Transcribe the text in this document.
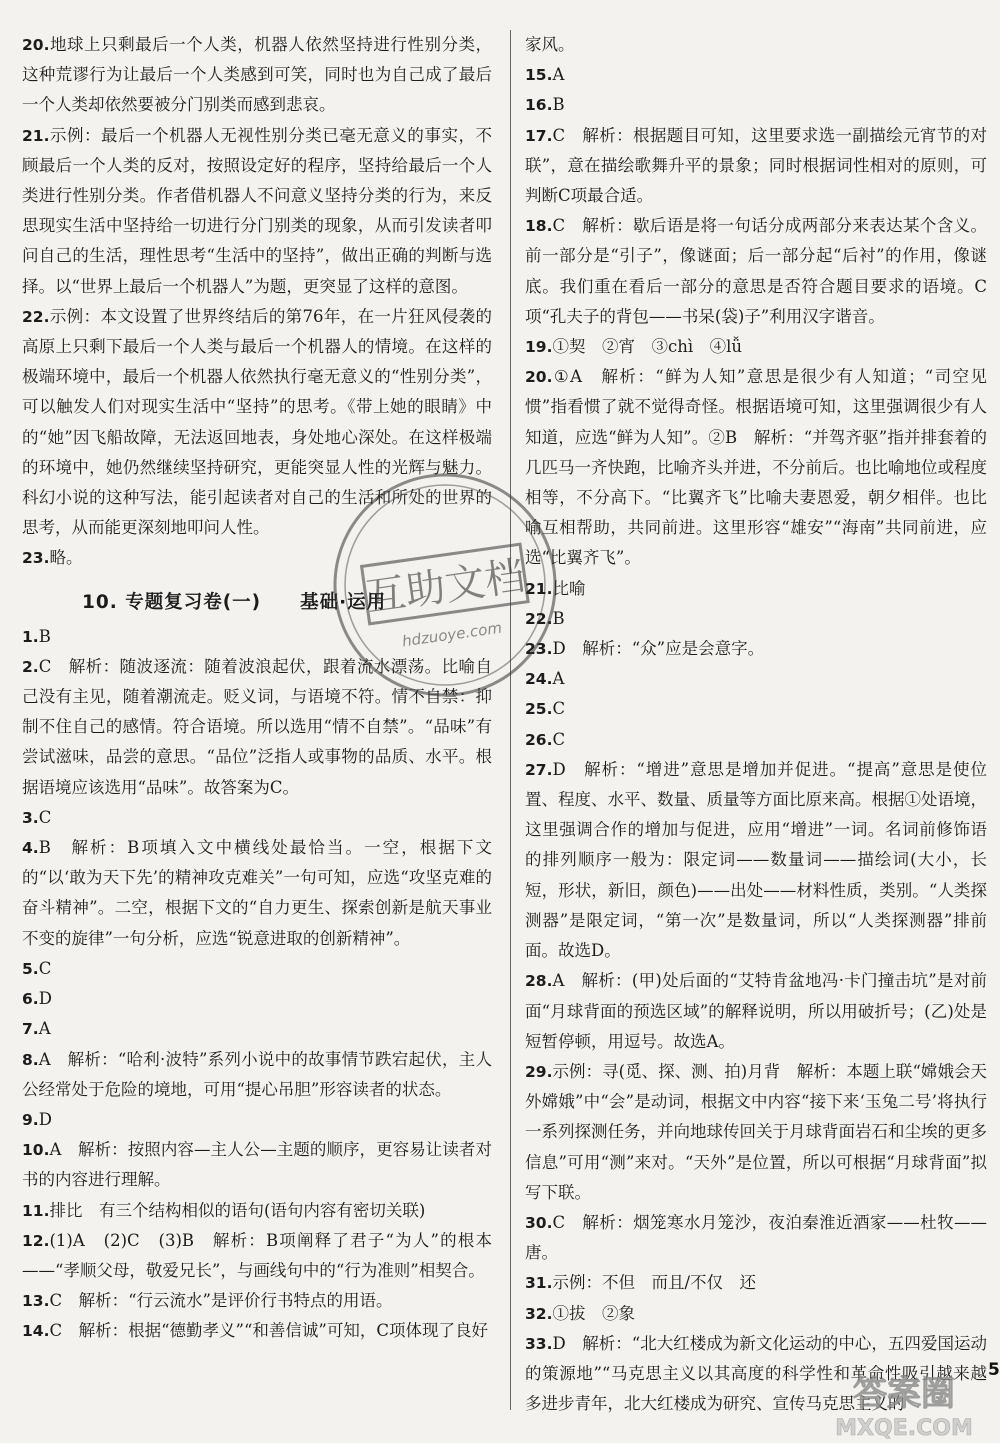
20.地球上只剩最后一个人类，机器人依然坚持进行性别分类，这种荒谬行为让最后一个人类感到可笑，同时也为自己成了最后一个人类却依然要被分门别类而感到悲哀。

21.示例：最后一个机器人无视性别分类已毫无意义的事实，不顾最后一个人类的反对，按照设定好的程序，坚持给最后一个人类进行性别分类。作者借机器人不问意义坚持分类的行为，来反思现实生活中坚持给一切进行分门别类的现象，从而引发读者叩问自己的生活，理性思考“生活中的坚持”，做出正确的判断与选择。以“世界上最后一个机器人”为题，更突显了这样的意图。

22.示例：本文设置了世界终结后的第76年，在一片狂风侵袭的高原上只剩下最后一个人类与最后一个机器人的情境。在这样的极端环境中，最后一个机器人依然执行毫无意义的“性别分类”，可以触发人们对现实生活中“坚持”的思考。《带上她的眼睛》中的“她”因飞船故障，无法返回地表，身处地心深处。在这样极端的环境中，她仍然继续坚持研究，更能突显人性的光辉与魅力。科幻小说的这种写法，能引起读者对自己的生活和所处的世界的思考，从而能更深刻地叩问人性。

23.略。

10. 专题复习卷(一)　　基础·运用

1.B

2.C　解析：随波逐流：随着波浪起伏，跟着流水漂荡。比喻自己没有主见，随着潮流走。贬义词，与语境不符。情不自禁：抑制不住自己的感情。符合语境。所以选用“情不自禁”。“品味”有尝试滋味，品尝的意思。“品位”泛指人或事物的品质、水平。根据语境应该选用“品味”。故答案为C。

3.C

4.B　解析：B项填入文中横线处最恰当。一空，根据下文的“以‘敢为天下先’的精神攻克难关”一句可知，应选“攻坚克难的奋斗精神”。二空，根据下文的“自力更生、探索创新是航天事业不变的旋律”一句分析，应选“锐意进取的创新精神”。

5.C

6.D

7.A

8.A　解析：“哈利·波特”系列小说中的故事情节跌宕起伏，主人公经常处于危险的境地，可用“提心吊胆”形容读者的状态。

9.D

10.A　解析：按照内容—主人公—主题的顺序，更容易让读者对书的内容进行理解。

11.排比　有三个结构相似的语句(语句内容有密切关联)

12.(1)A　(2)C　(3)B　解析：B项阐释了君子“为人”的根本——“孝顺父母，敬爱兄长”，与画线句中的“行为准则”相契合。

13.C　解析：“行云流水”是评价行书特点的用语。

14.C　解析：根据“德勤孝义”“和善信诚”可知，C项体现了良好

家风。

15.A

16.B

17.C　解析：根据题目可知，这里要求选一副描绘元宵节的对联”，意在描绘歌舞升平的景象；同时根据词性相对的原则，可判断C项最合适。

18.C　解析：歇后语是将一句话分成两部分来表达某个含义。前一部分是“引子”，像谜面；后一部分起“后衬”的作用，像谜底。我们重在看后一部分的意思是否符合题目要求的语境。C项“孔夫子的背包——书呆(袋)子”利用汉字谐音。

19.①契　②宵　③chì　④lǚ

20.①A　解析：“鲜为人知”意思是很少有人知道；“司空见惯”指看惯了就不觉得奇怪。根据语境可知，这里强调很少有人知道，应选“鲜为人知”。②B　解析：“并驾齐驱”指并排套着的几匹马一齐快跑，比喻齐头并进，不分前后。也比喻地位或程度相等，不分高下。“比翼齐飞”比喻夫妻恩爱，朝夕相伴。也比喻互相帮助，共同前进。这里形容“雄安”“海南”共同前进，应选“比翼齐飞”。

21.比喻

22.B

23.D　解析：“众”应是会意字。

24.A

25.C

26.C

27.D　解析：“增进”意思是增加并促进。“提高”意思是使位置、程度、水平、数量、质量等方面比原来高。根据①处语境，这里强调合作的增加与促进，应用“增进”一词。名词前修饰语的排列顺序一般为：限定词——数量词——描绘词(大小，长短，形状，新旧，颜色)——出处——材料性质，类别。“人类探测器”是限定词，“第一次”是数量词，所以“人类探测器”排前面。故选D。

28.A　解析：(甲)处后面的“艾特肯盆地冯·卡门撞击坑”是对前面“月球背面的预选区域”的解释说明，所以用破折号；(乙)处是短暂停顿，用逗号。故选A。

29.示例：寻(觅、探、测、拍)月背　解析：本题上联“嫦娥会天外嫦娥”中“会”是动词，根据文中内容“接下来‘玉兔二号’将执行一系列探测任务，并向地球传回关于月球背面岩石和尘埃的更多信息”可用“测”来对。“天外”是位置，所以可根据“月球背面”拟写下联。

30.C　解析：烟笼寒水月笼沙，夜泊秦淮近酒家——杜牧——唐。

31.示例：不但　而且/不仅　还

32.①拔　②象

33.D　解析：“北大红楼成为新文化运动的中心，五四爱国运动的策源地”“马克思主义以其高度的科学性和革命性吸引越来越多进步青年，北大红楼成为研究、宣传马克思主义的

互助文档
hdzuoye.com
答案圈
MXQE.COM
5
